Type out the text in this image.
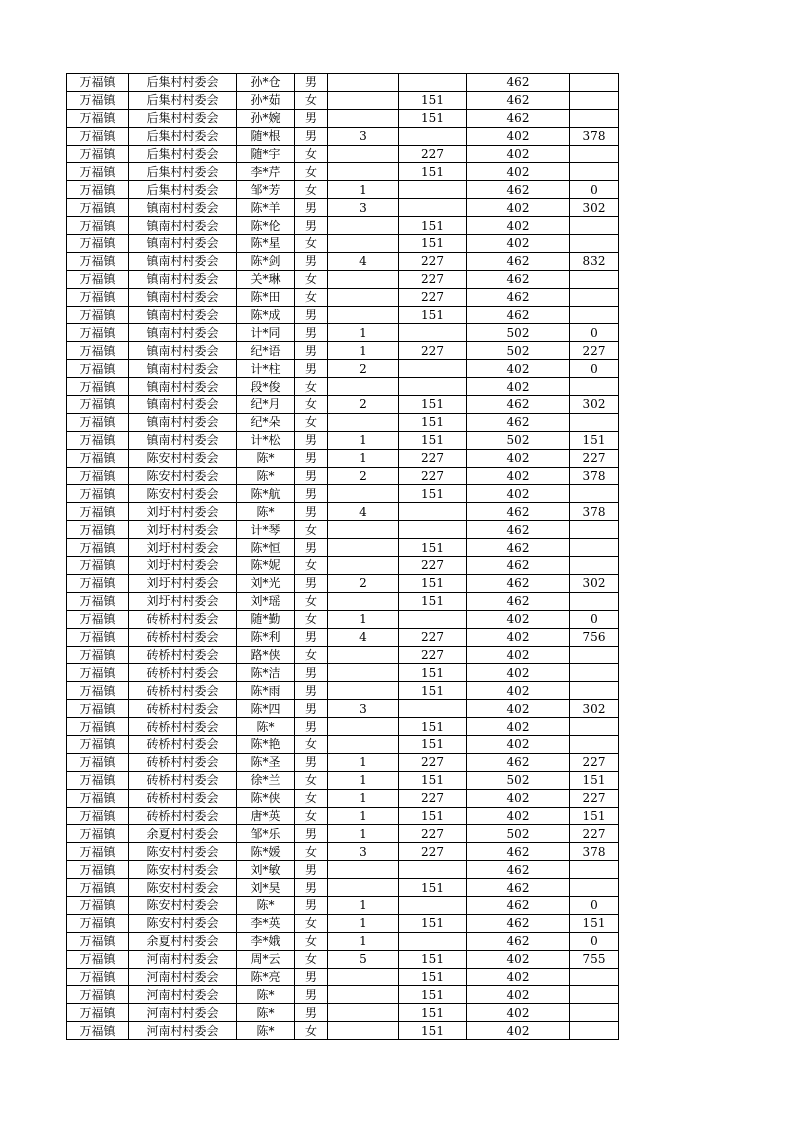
万福镇	后集村村委会	孙*仓	男			462	
万福镇	后集村村委会	孙*茹	女		151	462	
万福镇	后集村村委会	孙*婉	男		151	462	
万福镇	后集村村委会	随*根	男	3		402	378
万福镇	后集村村委会	随*宇	女		227	402	
万福镇	后集村村委会	李*芹	女		151	402	
万福镇	后集村村委会	邹*芳	女	1		462	0
万福镇	镇南村村委会	陈*羊	男	3		402	302
万福镇	镇南村村委会	陈*伦	男		151	402	
万福镇	镇南村村委会	陈*星	女		151	402	
万福镇	镇南村村委会	陈*剑	男	4	227	462	832
万福镇	镇南村村委会	关*琳	女		227	462	
万福镇	镇南村村委会	陈*田	女		227	462	
万福镇	镇南村村委会	陈*成	男		151	462	
万福镇	镇南村村委会	计*同	男	1		502	0
万福镇	镇南村村委会	纪*语	男	1	227	502	227
万福镇	镇南村村委会	计*柱	男	2		402	0
万福镇	镇南村村委会	段*俊	女			402	
万福镇	镇南村村委会	纪*月	女	2	151	462	302
万福镇	镇南村村委会	纪*朵	女		151	462	
万福镇	镇南村村委会	计*松	男	1	151	502	151
万福镇	陈安村村委会	陈*	男	1	227	402	227
万福镇	陈安村村委会	陈*	男	2	227	402	378
万福镇	陈安村村委会	陈*航	男		151	402	
万福镇	刘圩村村委会	陈*	男	4		462	378
万福镇	刘圩村村委会	计*琴	女			462	
万福镇	刘圩村村委会	陈*恒	男		151	462	
万福镇	刘圩村村委会	陈*妮	女		227	462	
万福镇	刘圩村村委会	刘*光	男	2	151	462	302
万福镇	刘圩村村委会	刘*瑶	女		151	462	
万福镇	砖桥村村委会	随*勤	女	1		402	0
万福镇	砖桥村村委会	陈*利	男	4	227	402	756
万福镇	砖桥村村委会	路*侠	女		227	402	
万福镇	砖桥村村委会	陈*洁	男		151	402	
万福镇	砖桥村村委会	陈*雨	男		151	402	
万福镇	砖桥村村委会	陈*四	男	3		402	302
万福镇	砖桥村村委会	陈*	男		151	402	
万福镇	砖桥村村委会	陈*艳	女		151	402	
万福镇	砖桥村村委会	陈*圣	男	1	227	462	227
万福镇	砖桥村村委会	徐*兰	女	1	151	502	151
万福镇	砖桥村村委会	陈*侠	女	1	227	402	227
万福镇	砖桥村村委会	唐*英	女	1	151	402	151
万福镇	余夏村村委会	邹*乐	男	1	227	502	227
万福镇	陈安村村委会	陈*媛	女	3	227	462	378
万福镇	陈安村村委会	刘*敏	男			462	
万福镇	陈安村村委会	刘*昊	男		151	462	
万福镇	陈安村村委会	陈*	男	1		462	0
万福镇	陈安村村委会	李*英	女	1	151	462	151
万福镇	余夏村村委会	李*娥	女	1		462	0
万福镇	河南村村委会	周*云	女	5	151	402	755
万福镇	河南村村委会	陈*亮	男		151	402	
万福镇	河南村村委会	陈*	男		151	402	
万福镇	河南村村委会	陈*	男		151	402	
万福镇	河南村村委会	陈*	女		151	402	
